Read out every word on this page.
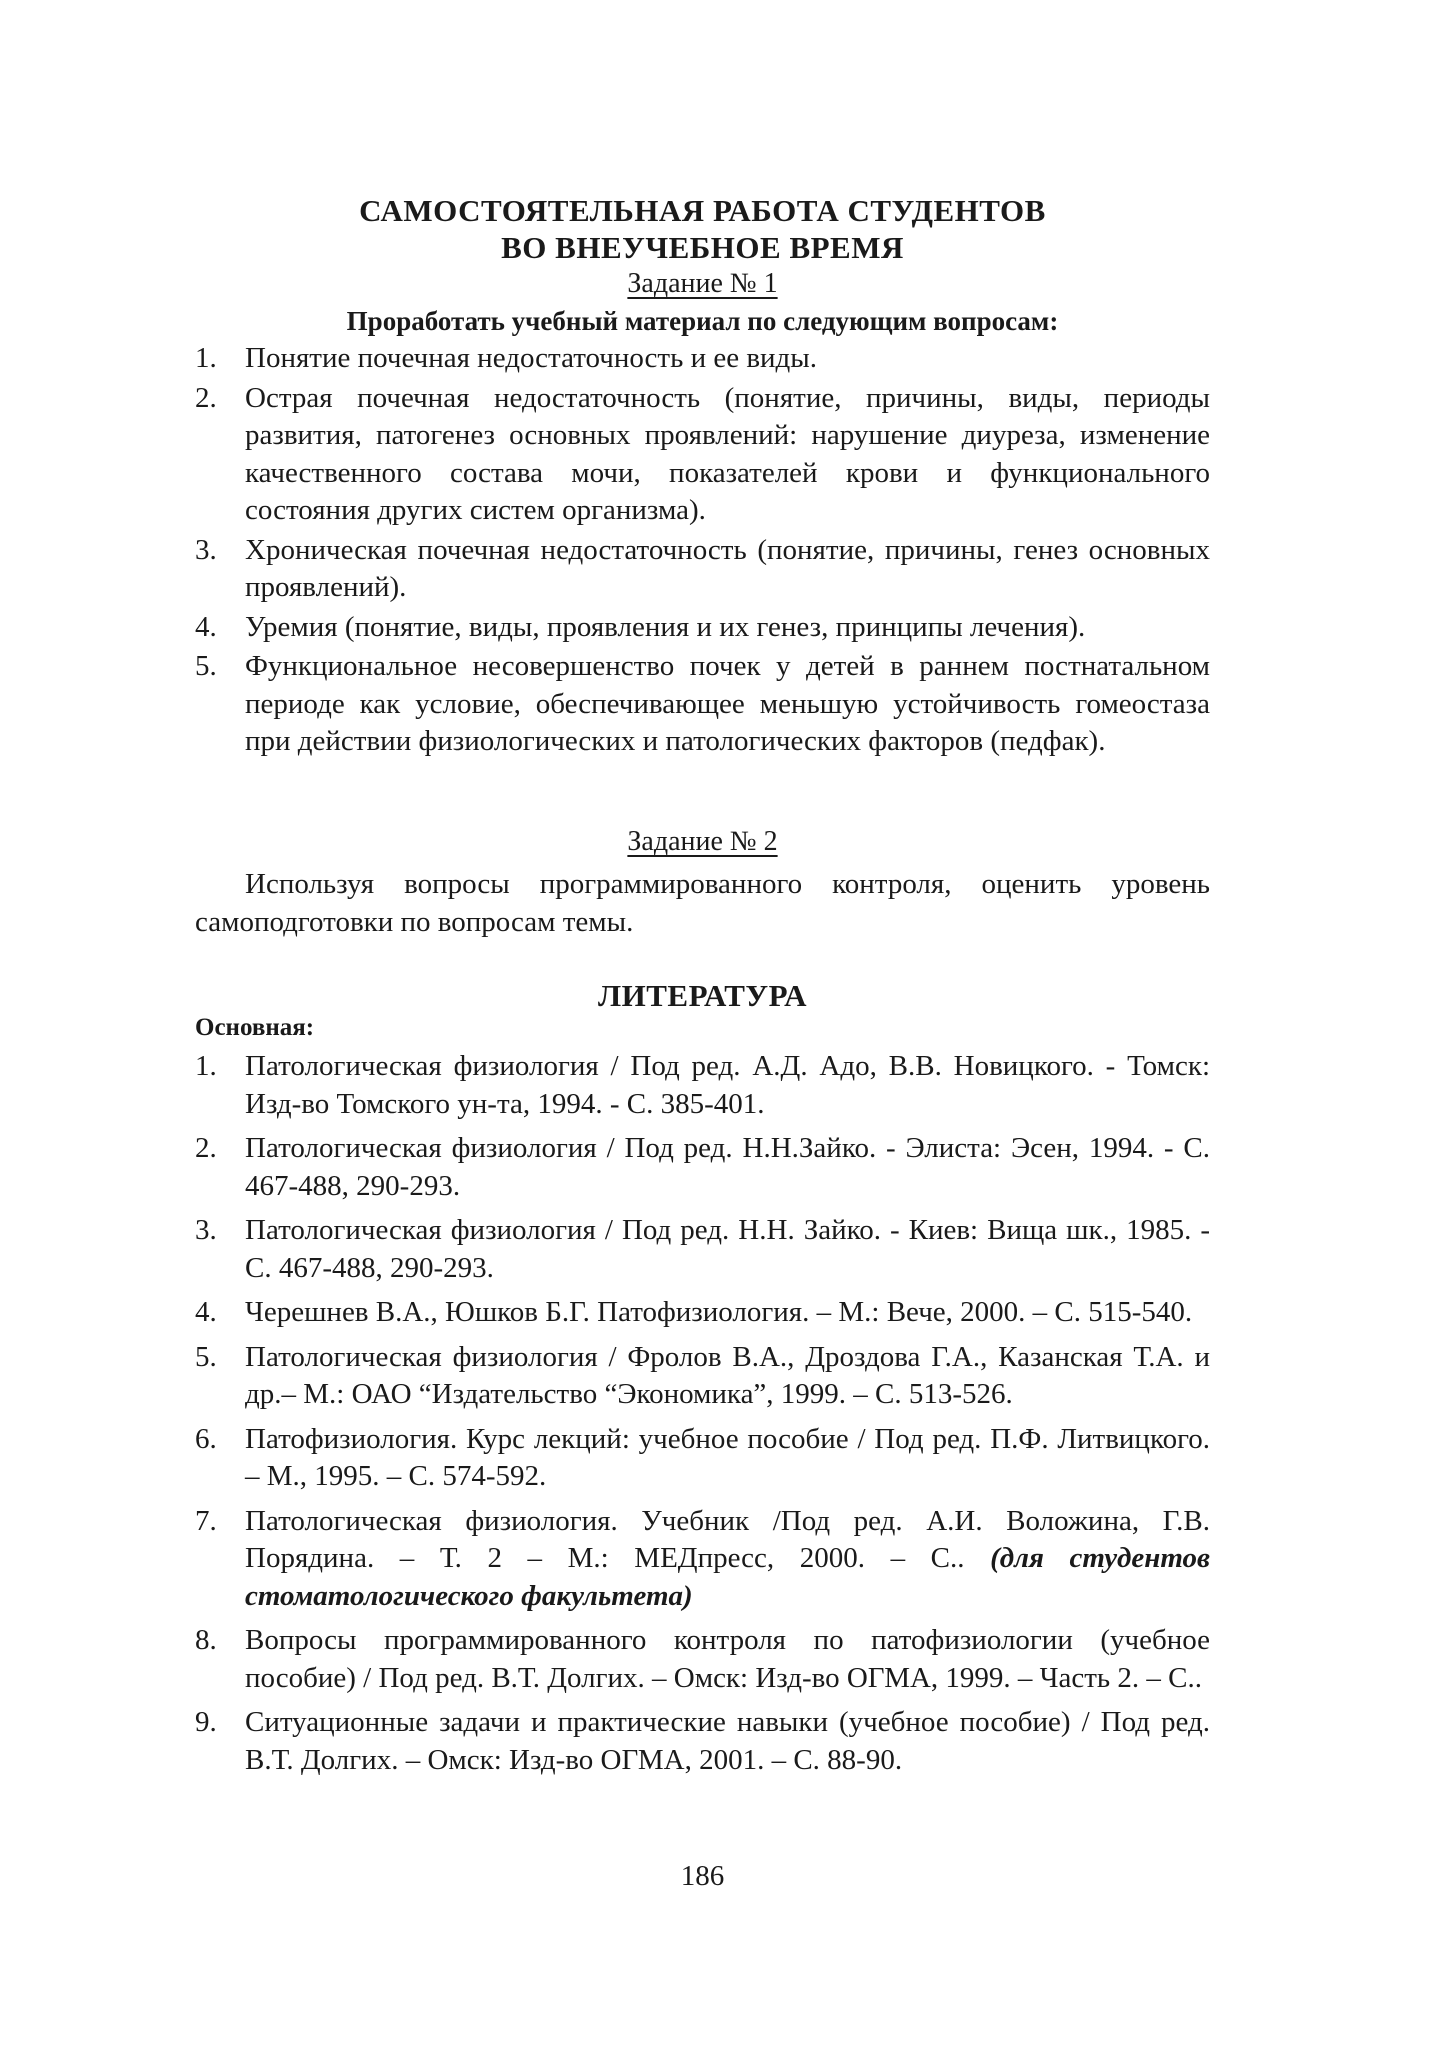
САМОСТОЯТЕЛЬНАЯ РАБОТА СТУДЕНТОВ
ВО ВНЕУЧЕБНОЕ ВРЕМЯ
Задание № 1
Проработать учебный материал по следующим вопросам:
1. Понятие почечная недостаточность и ее виды.
2. Острая почечная недостаточность (понятие, причины, виды, периоды развития, патогенез основных проявлений: нарушение диуреза, изменение качественного состава мочи, показателей крови и функционального состояния других систем организма).
3. Хроническая почечная недостаточность (понятие, причины, генез основных проявлений).
4. Уремия (понятие, виды, проявления и их генез, принципы лечения).
5. Функциональное несовершенство почек у детей в раннем постнатальном периоде как условие, обеспечивающее меньшую устойчивость гомеостаза при действии физиологических и патологических факторов (педфак).
Задание № 2

Используя вопросы программированного контроля, оценить уровень самоподготовки по вопросам темы.

ЛИТЕРАТУРА
Основная:
1. Патологическая физиология / Под ред. А.Д. Адо, В.В. Новицкого. - Томск: Изд-во Томского ун-та, 1994. - С. 385-401.
2. Патологическая физиология / Под ред. Н.Н.Зайко. - Элиста: Эсен, 1994. - С. 467-488, 290-293.
3. Патологическая физиология / Под ред. Н.Н. Зайко. - Киев: Вища шк., 1985. - С. 467-488, 290-293.
4. Черешнев В.А., Юшков Б.Г. Патофизиология. – М.: Вече, 2000. – С. 515-540.
5. Патологическая физиология / Фролов В.А., Дроздова Г.А., Казанская Т.А. и др.– М.: ОАО “Издательство “Экономика”, 1999. – С. 513-526.
6. Патофизиология. Курс лекций: учебное пособие / Под ред. П.Ф. Литвицкого. – М., 1995. – С. 574-592.
7. Патологическая физиология. Учебник /Под ред. А.И. Воложина, Г.В. Порядина. – Т. 2 – М.: МЕДпресс, 2000. – С.. (для студентов стоматологического факультета)
8. Вопросы программированного контроля по патофизиологии (учебное пособие) / Под ред. В.Т. Долгих. – Омск: Изд-во ОГМА, 1999. – Часть 2. – С..
9. Ситуационные задачи и практические навыки (учебное пособие) / Под ред. В.Т. Долгих. – Омск: Изд-во ОГМА, 2001. – С. 88-90.
186
